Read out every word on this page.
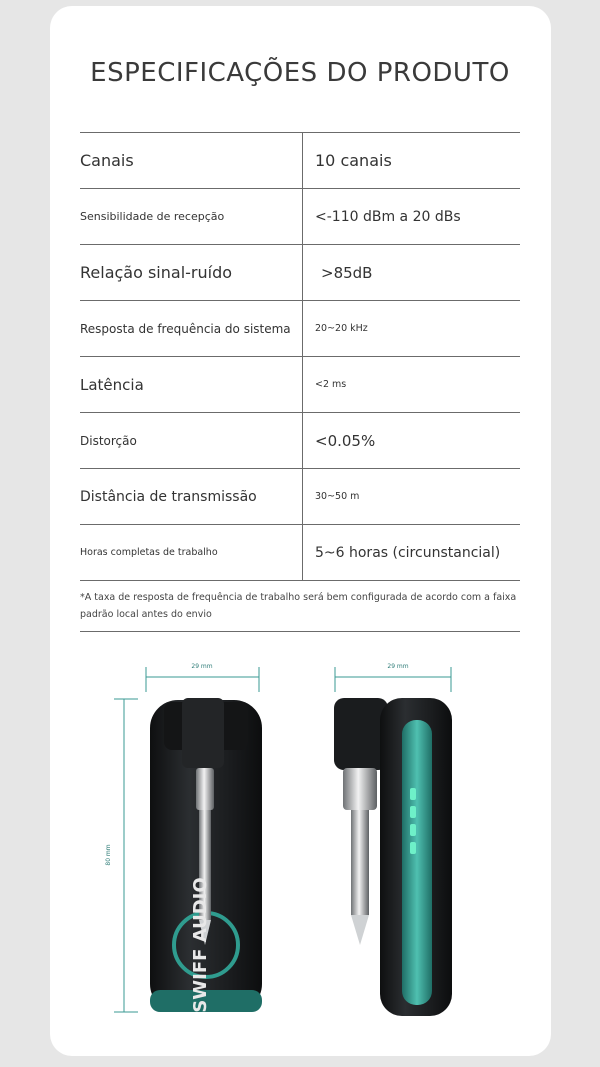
ESPECIFICAÇÕES DO PRODUTO
Canais	10 canais
Sensibilidade de recepção	<-110 dBm a 20 dBs
Relação sinal-ruído	>85dB
Resposta de frequência do sistema	20~20 kHz
Latência	<2 ms
Distorção	<0.05%
Distância de transmissão	30~50 m
Horas completas de trabalho	5~6 horas (circunstancial)
*A taxa de resposta de frequência de trabalho será bem configurada de acordo com a faixa padrão local antes do envio
29 mm
80 mm
SWIFF AUDIO
29 mm
